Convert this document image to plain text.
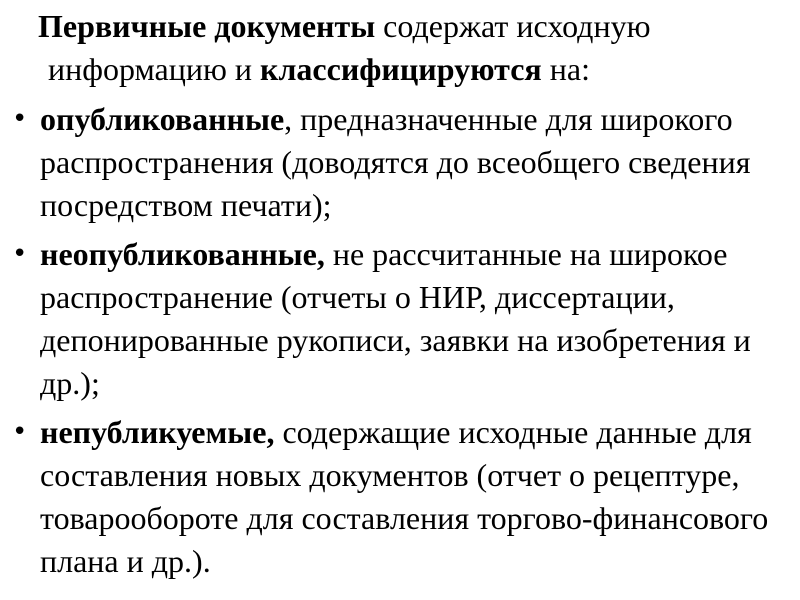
Первичные документы содержат исходную информацию и классифицируются на:

• опубликованные, предназначенные для широкого распространения (доводятся до всеобщего сведения посредством печати);
• неопубликованные, не рассчитанные на широкое распространение (отчеты о НИР, диссертации, депонированные рукописи, заявки на изобретения и др.);
• непубликуемые, содержащие исходные данные для составления новых документов (отчет о рецептуре, товарообороте для составления торгово-финансового плана и др.).
